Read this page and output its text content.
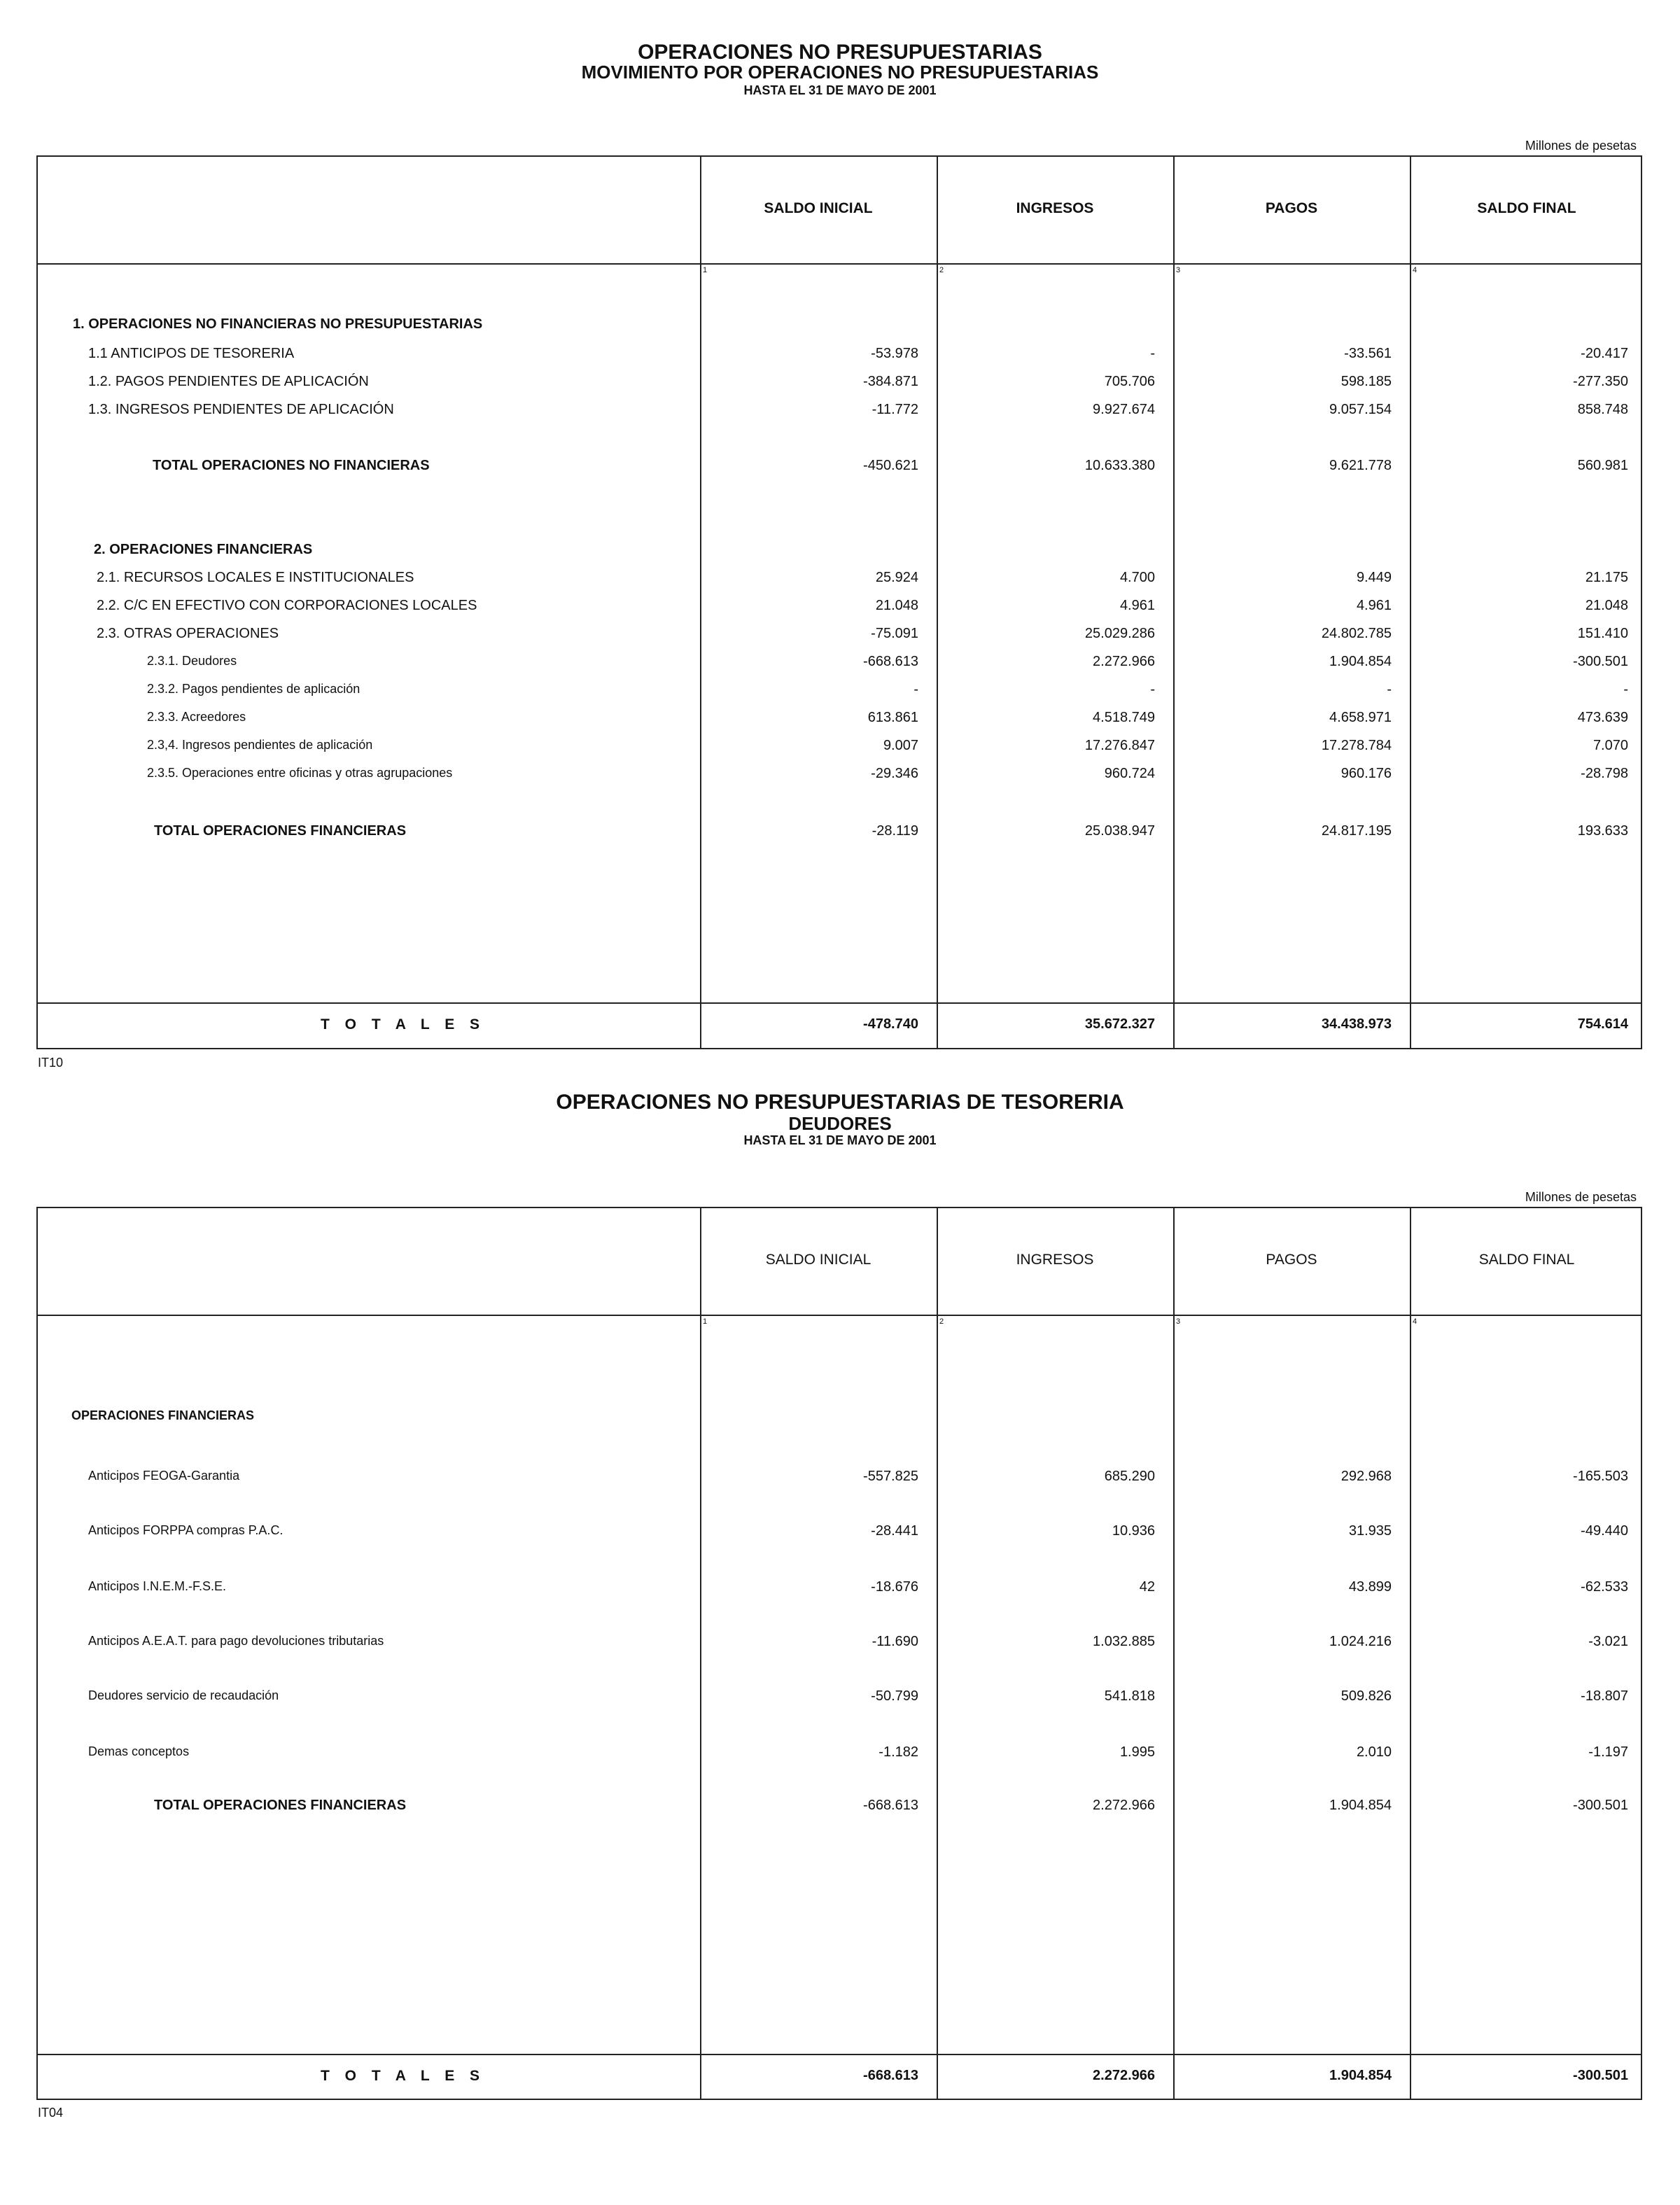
OPERACIONES NO PRESUPUESTARIAS
MOVIMIENTO POR OPERACIONES NO PRESUPUESTARIAS
HASTA EL 31 DE MAYO DE 2001
Millones de pesetas
SALDO INICIAL	INGRESOS	PAGOS	SALDO FINAL
1	2	3	4
T O T A L E S	-478.740	35.672.327	34.438.973	754.614
1. OPERACIONES NO FINANCIERAS NO PRESUPUESTARIAS
1.1 ANTICIPOS DE TESORERIA	-53.978	-	-33.561	-20.417
1.2. PAGOS PENDIENTES DE APLICACIÓN	-384.871	705.706	598.185	-277.350
1.3. INGRESOS PENDIENTES DE APLICACIÓN	-11.772	9.927.674	9.057.154	858.748
TOTAL OPERACIONES NO FINANCIERAS	-450.621	10.633.380	9.621.778	560.981
2. OPERACIONES FINANCIERAS
2.1. RECURSOS LOCALES E INSTITUCIONALES	25.924	4.700	9.449	21.175
2.2. C/C EN EFECTIVO CON CORPORACIONES LOCALES	21.048	4.961	4.961	21.048
2.3. OTRAS OPERACIONES	-75.091	25.029.286	24.802.785	151.410
2.3.1. Deudores	-668.613	2.272.966	1.904.854	-300.501
2.3.2. Pagos pendientes de aplicación	-	-	-	-
2.3.3. Acreedores	613.861	4.518.749	4.658.971	473.639
2.3,4. Ingresos pendientes de aplicación	9.007	17.276.847	17.278.784	7.070
2.3.5. Operaciones entre oficinas y otras agrupaciones	-29.346	960.724	960.176	-28.798
TOTAL OPERACIONES FINANCIERAS	-28.119	25.038.947	24.817.195	193.633
IT10
OPERACIONES NO PRESUPUESTARIAS DE TESORERIA
DEUDORES
HASTA EL 31 DE MAYO DE 2001
Millones de pesetas
SALDO INICIAL	INGRESOS	PAGOS	SALDO FINAL
1	2	3	4
T O T A L E S	-668.613	2.272.966	1.904.854	-300.501
OPERACIONES FINANCIERAS
Anticipos FEOGA-Garantia	-557.825	685.290	292.968	-165.503
Anticipos FORPPA compras P.A.C.	-28.441	10.936	31.935	-49.440
Anticipos I.N.E.M.-F.S.E.	-18.676	42	43.899	-62.533
Anticipos A.E.A.T. para pago devoluciones tributarias	-11.690	1.032.885	1.024.216	-3.021
Deudores servicio de recaudación	-50.799	541.818	509.826	-18.807
Demas conceptos	-1.182	1.995	2.010	-1.197
TOTAL OPERACIONES FINANCIERAS	-668.613	2.272.966	1.904.854	-300.501
IT04
